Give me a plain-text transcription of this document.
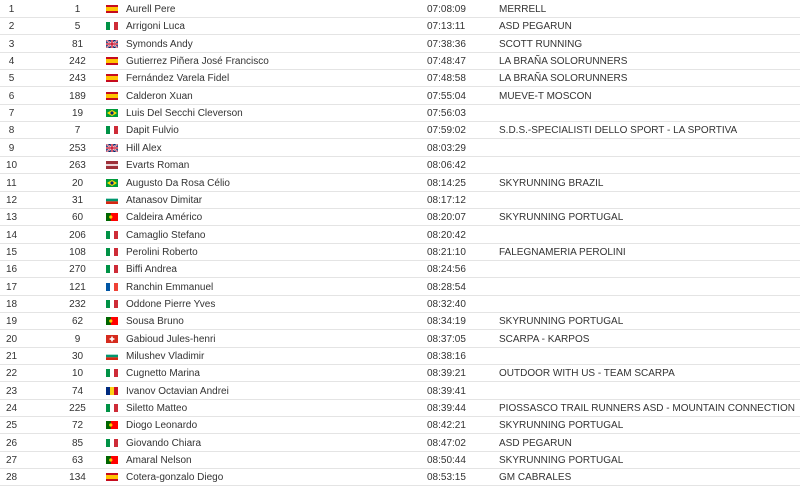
1	1	Aurell Pere	07:08:09	MERRELL
2	5	Arrigoni Luca	07:13:11	ASD PEGARUN
3	81	Symonds Andy	07:38:36	SCOTT RUNNING
4	242	Gutierrez Piñera José Francisco	07:48:47	LA BRAÑA SOLORUNNERS
5	243	Fernández Varela Fidel	07:48:58	LA BRAÑA SOLORUNNERS
6	189	Calderon Xuan	07:55:04	MUEVE-T MOSCON
7	19	Luis Del Secchi Cleverson	07:56:03
8	7	Dapit Fulvio	07:59:02	S.D.S.-SPECIALISTI DELLO SPORT - LA SPORTIVA
9	253	Hill Alex	08:03:29
10	263	Evarts Roman	08:06:42
11	20	Augusto Da Rosa Célio	08:14:25	SKYRUNNING BRAZIL
12	31	Atanasov Dimitar	08:17:12
13	60	Caldeira Américo	08:20:07	SKYRUNNING PORTUGAL
14	206	Camaglio Stefano	08:20:42
15	108	Perolini Roberto	08:21:10	FALEGNAMERIA PEROLINI
16	270	Biffi Andrea	08:24:56
17	121	Ranchin Emmanuel	08:28:54
18	232	Oddone Pierre Yves	08:32:40
19	62	Sousa Bruno	08:34:19	SKYRUNNING PORTUGAL
20	9	Gabioud Jules-henri	08:37:05	SCARPA - KARPOS
21	30	Milushev Vladimir	08:38:16
22	10	Cugnetto Marina	08:39:21	OUTDOOR WITH US - TEAM SCARPA
23	74	Ivanov Octavian Andrei	08:39:41
24	225	Siletto Matteo	08:39:44	PIOSSASCO TRAIL RUNNERS ASD - MOUNTAIN CONNECTION
25	72	Diogo Leonardo	08:42:21	SKYRUNNING PORTUGAL
26	85	Giovando Chiara	08:47:02	ASD PEGARUN
27	63	Amaral Nelson	08:50:44	SKYRUNNING PORTUGAL
28	134	Cotera-gonzalo Diego	08:53:15	GM CABRALES
